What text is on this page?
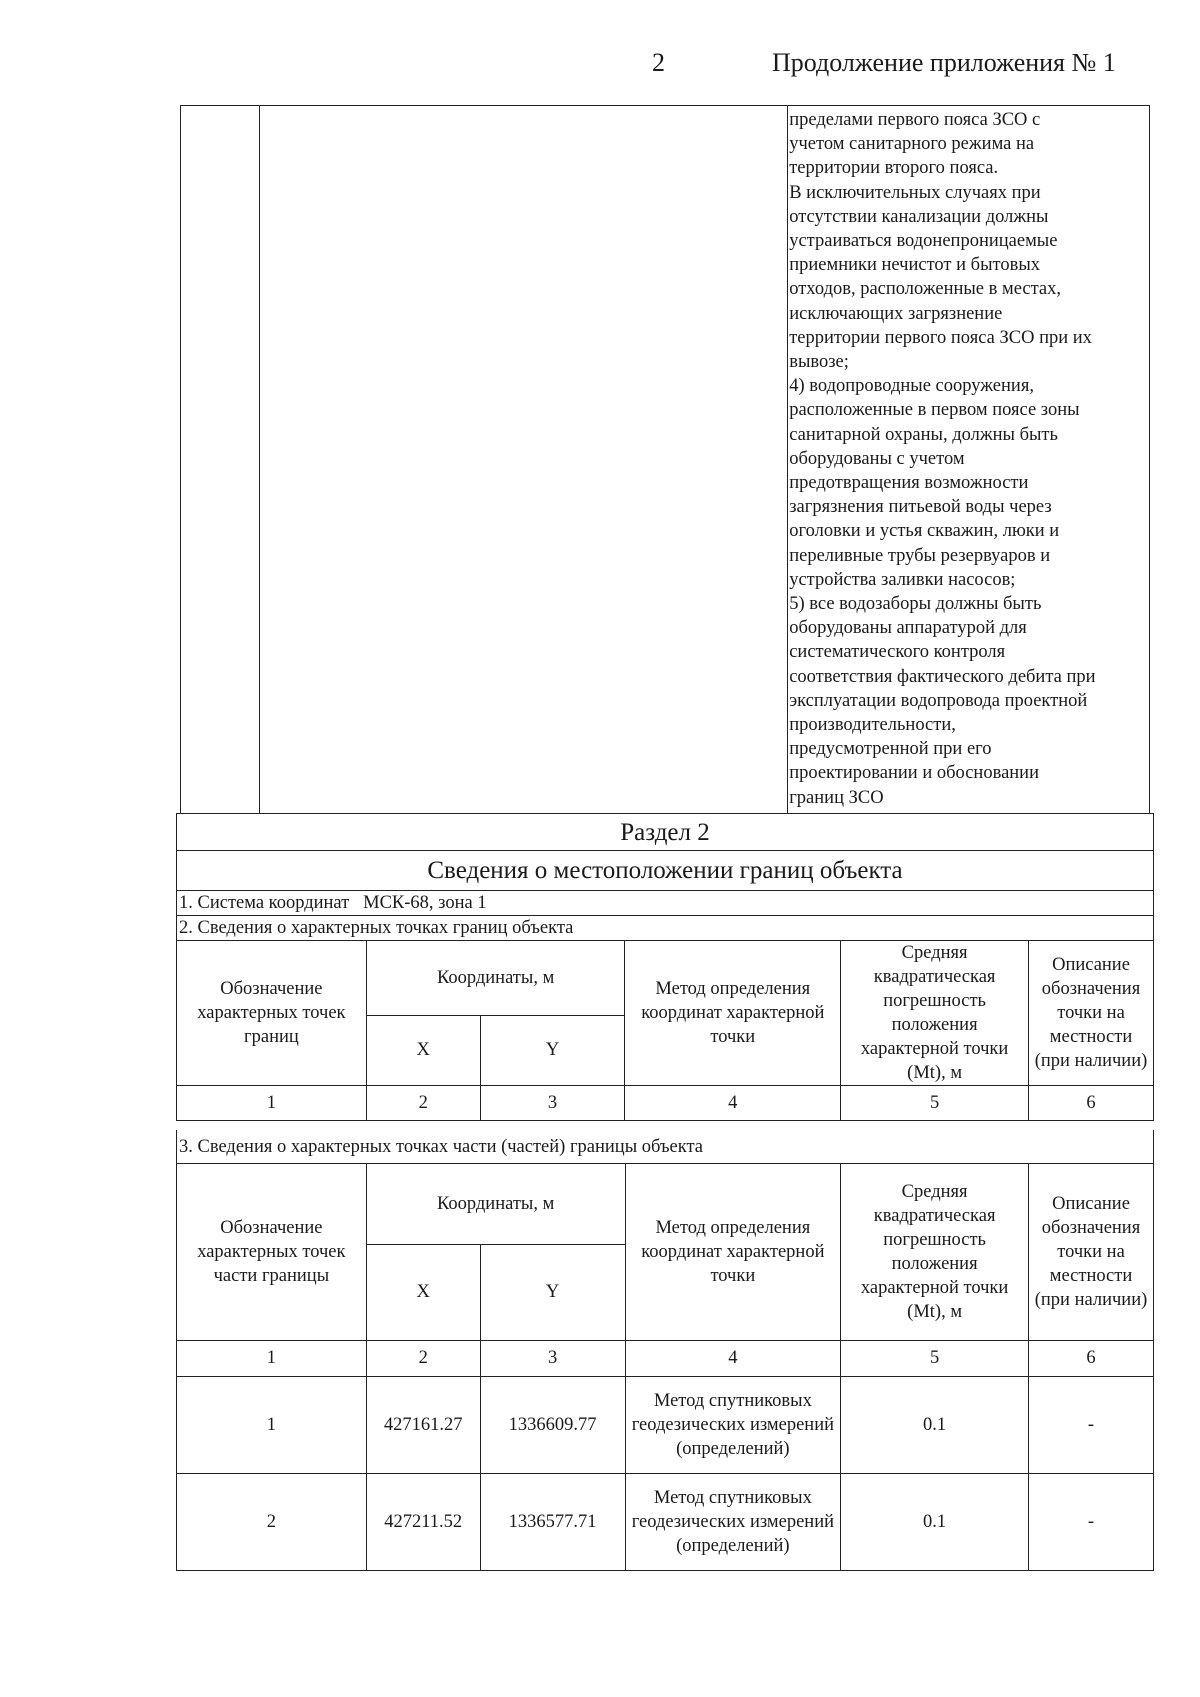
2	Продолжение приложения № 1

пределами первого пояса ЗСО с

учетом санитарного режима на

территории второго пояса.

В исключительных случаях при

отсутствии канализации должны

устраиваться водонепроницаемые

приемники нечистот и бытовых

отходов, расположенные в местах,

исключающих загрязнение

территории первого пояса ЗСО при их

вывозе;

4) водопроводные сооружения,

расположенные в первом поясе зоны

санитарной охраны, должны быть

оборудованы с учетом

предотвращения возможности

загрязнения питьевой воды через

оголовки и устья скважин, люки и

переливные трубы резервуаров и

устройства заливки насосов;

5) все водозаборы должны быть

оборудованы аппаратурой для

систематического контроля

соответствия фактического дебита при

эксплуатации водопровода проектной

производительности,

предусмотренной при его

проектировании и обосновании

границ ЗСО

Раздел 2
Сведения о местоположении границ объекта
1. Система координат МСК-68, зона 1
2. Сведения о характерных точках границ объекта
Обозначение характерных точек границ	Координаты, м		Метод определения координат характерной точки	Средняя квадратическая погрешность положения характерной точки (Mt), м	Описание обозначения точки на местности (при наличии)
	X	Y			
1	2	3	4	5	6
3. Сведения о характерных точках части (частей) границы объекта
Обозначение характерных точек части границы	Координаты, м		Метод определения координат характерной точки	Средняя квадратическая погрешность положения характерной точки (Mt), м	Описание обозначения точки на местности (при наличии)
	X	Y			
1	2	3	4	5	6
1	427161.27	1336609.77	Метод спутниковых геодезических измерений (определений)	0.1	-
2	427211.52	1336577.71	Метод спутниковых геодезических измерений (определений)	0.1	-
